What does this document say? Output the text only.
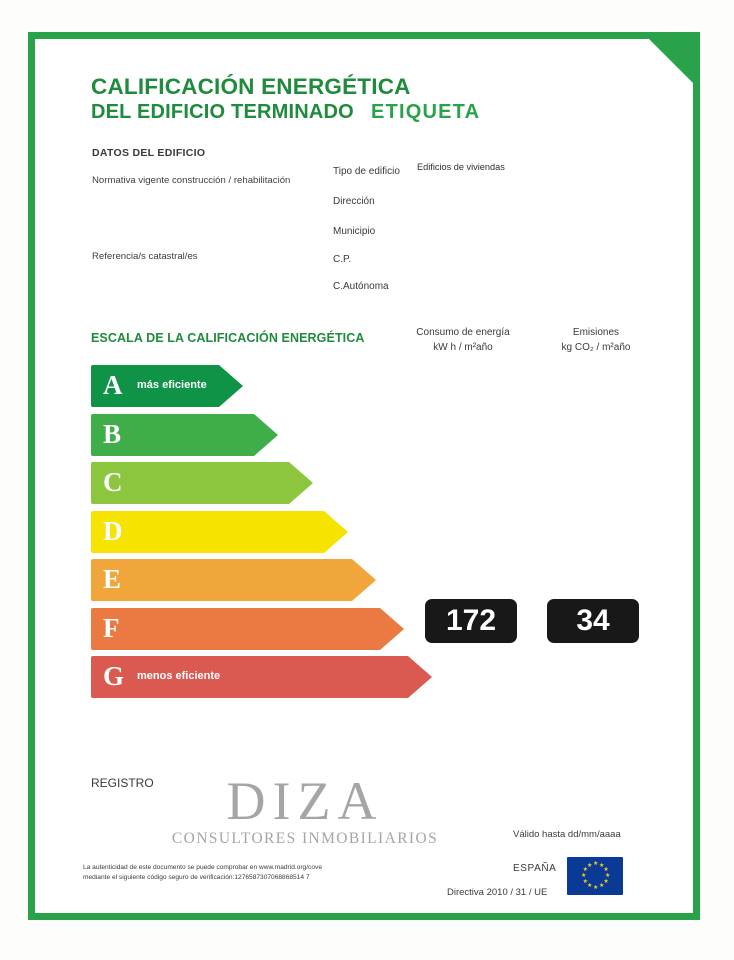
CALIFICACIÓN ENERGÉTICA
DEL EDIFICIO TERMINADO ETIQUETA
DATOS DEL EDIFICIO
Normativa vigente construcción / rehabilitación
Referencia/s catastral/es
Tipo de edificio Edificios de viviendas
Dirección
Municipio
C.P.
C.Autónoma
ESCALA DE LA CALIFICACIÓN ENERGÉTICA	Consumo de energía
kW h / m²año
Emisiones
kg CO₂ / m²año
A más eficiente
B
C
D
E
F
G menos eficiente
172	34
REGISTRO	DIZA
CONSULTORES INMOBILIARIOS
La autenticidad de este documento se puede comprobar en www.madrid.org/cove
mediante el siguiente código seguro de verificación:1276587307068868514 7
Válido hasta dd/mm/aaaa
ESPAÑA
Directiva 2010 / 31 / UE
★ ★
★
★
★
★
★
★
★
★
★
★
